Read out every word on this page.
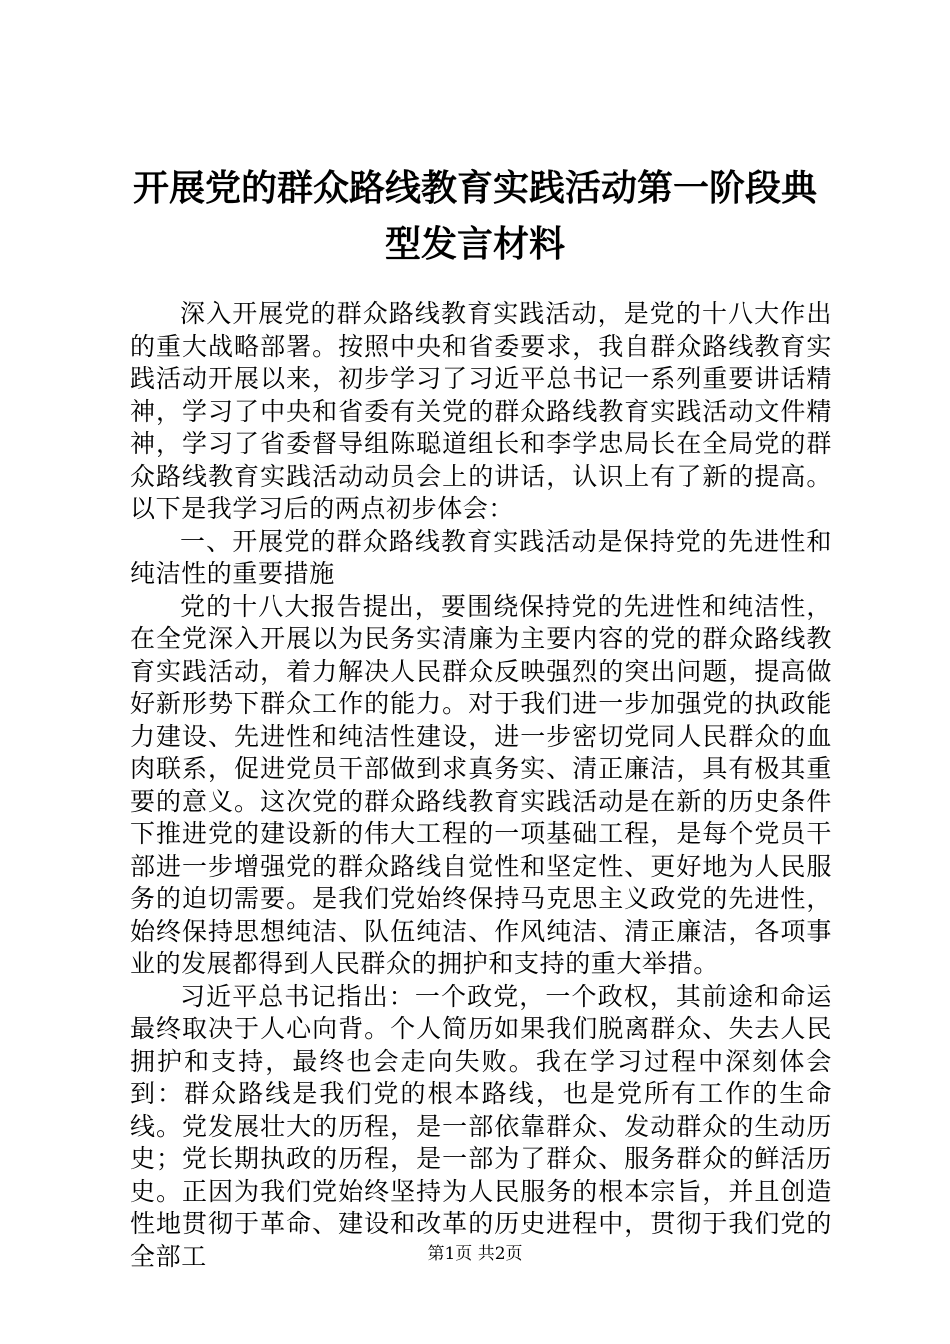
开展党的群众路线教育实践活动第一阶段典型发言材料

深入开展党的群众路线教育实践活动，是党的十八大作出的重大战略部署。按照中央和省委要求，我自群众路线教育实践活动开展以来，初步学习了习近平总书记一系列重要讲话精神，学习了中央和省委有关党的群众路线教育实践活动文件精神，学习了省委督导组陈聪道组长和李学忠局长在全局党的群众路线教育实践活动动员会上的讲话，认识上有了新的提高。以下是我学习后的两点初步体会：

一、开展党的群众路线教育实践活动是保持党的先进性和纯洁性的重要措施

党的十八大报告提出，要围绕保持党的先进性和纯洁性，在全党深入开展以为民务实清廉为主要内容的党的群众路线教育实践活动，着力解决人民群众反映强烈的突出问题，提高做好新形势下群众工作的能力。对于我们进一步加强党的执政能力建设、先进性和纯洁性建设，进一步密切党同人民群众的血肉联系，促进党员干部做到求真务实、清正廉洁，具有极其重要的意义。这次党的群众路线教育实践活动是在新的历史条件下推进党的建设新的伟大工程的一项基础工程，是每个党员干部进一步增强党的群众路线自觉性和坚定性、更好地为人民服务的迫切需要。是我们党始终保持马克思主义政党的先进性，始终保持思想纯洁、队伍纯洁、作风纯洁、清正廉洁，各项事业的发展都得到人民群众的拥护和支持的重大举措。

习近平总书记指出：一个政党，一个政权，其前途和命运最终取决于人心向背。个人简历如果我们脱离群众、失去人民拥护和支持，最终也会走向失败。我在学习过程中深刻体会到：群众路线是我们党的根本路线，也是党所有工作的生命线。党发展壮大的历程，是一部依靠群众、发动群众的生动历史；党长期执政的历程，是一部为了群众、服务群众的鲜活历史。正因为我们党始终坚持为人民服务的根本宗旨，并且创造性地贯彻于革命、建设和改革的历史进程中，贯彻于我们党的全部工	第1页 共2页
